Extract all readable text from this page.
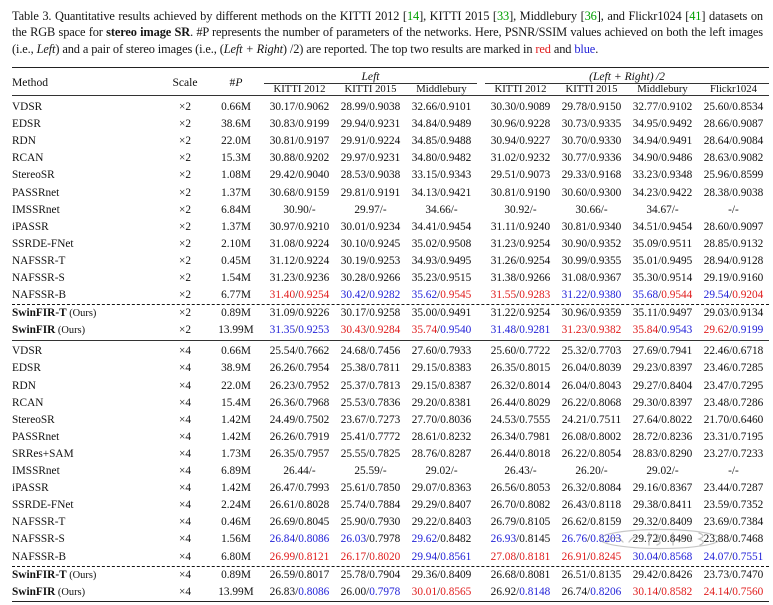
Table 3. Quantitative results achieved by different methods on the KITTI 2012 [14], KITTI 2015 [33], Middlebury [36], and Flickr1024 [41] datasets on the RGB space for stereo image SR. #P represents the number of parameters of the networks. Here, PSNR/SSIM values achieved on both the left images (i.e., Left) and a pair of stereo images (i.e., (Left + Right) /2) are reported. The top two results are marked in red and blue.

Method	Scale	#P	Left				(Left + Right) /2			

			KITTI 2012	KITTI 2015	Middlebury		KITTI 2012	KITTI 2015	Middlebury	Flickr1024

VDSR	×2	0.66M	30.17/0.9062	28.99/0.9038	32.66/0.9101		30.30/0.9089	29.78/0.9150	32.77/0.9102	25.60/0.8534
EDSR	×2	38.6M	30.83/0.9199	29.94/0.9231	34.84/0.9489		30.96/0.9228	30.73/0.9335	34.95/0.9492	28.66/0.9087
RDN	×2	22.0M	30.81/0.9197	29.91/0.9224	34.85/0.9488		30.94/0.9227	30.70/0.9330	34.94/0.9491	28.64/0.9084
RCAN	×2	15.3M	30.88/0.9202	29.97/0.9231	34.80/0.9482		31.02/0.9232	30.77/0.9336	34.90/0.9486	28.63/0.9082
StereoSR	×2	1.08M	29.42/0.9040	28.53/0.9038	33.15/0.9343		29.51/0.9073	29.33/0.9168	33.23/0.9348	25.96/0.8599
PASSRnet	×2	1.37M	30.68/0.9159	29.81/0.9191	34.13/0.9421		30.81/0.9190	30.60/0.9300	34.23/0.9422	28.38/0.9038
IMSSRnet	×2	6.84M	30.90/-	29.97/-	34.66/-		30.92/-	30.66/-	34.67/-	-/-
iPASSR	×2	1.37M	30.97/0.9210	30.01/0.9234	34.41/0.9454		31.11/0.9240	30.81/0.9340	34.51/0.9454	28.60/0.9097
SSRDE-FNet	×2	2.10M	31.08/0.9224	30.10/0.9245	35.02/0.9508		31.23/0.9254	30.90/0.9352	35.09/0.9511	28.85/0.9132
NAFSSR-T	×2	0.45M	31.12/0.9224	30.19/0.9253	34.93/0.9495		31.26/0.9254	30.99/0.9355	35.01/0.9495	28.94/0.9128
NAFSSR-S	×2	1.54M	31.23/0.9236	30.28/0.9266	35.23/0.9515		31.38/0.9266	31.08/0.9367	35.30/0.9514	29.19/0.9160
NAFSSR-B	×2	6.77M	31.40/0.9254	30.42/0.9282	35.62/0.9545		31.55/0.9283	31.22/0.9380	35.68/0.9544	29.54/0.9204

SwinFIR-T (Ours)	×2	0.89M	31.09/0.9226	30.17/0.9258	35.00/0.9491		31.22/0.9254	30.96/0.9359	35.11/0.9497	29.03/0.9134
SwinFIR (Ours)	×2	13.99M	31.35/0.9253	30.43/0.9284	35.74/0.9540		31.48/0.9281	31.23/0.9382	35.84/0.9543	29.62/0.9199

VDSR	×4	0.66M	25.54/0.7662	24.68/0.7456	27.60/0.7933		25.60/0.7722	25.32/0.7703	27.69/0.7941	22.46/0.6718
EDSR	×4	38.9M	26.26/0.7954	25.38/0.7811	29.15/0.8383		26.35/0.8015	26.04/0.8039	29.23/0.8397	23.46/0.7285
RDN	×4	22.0M	26.23/0.7952	25.37/0.7813	29.15/0.8387		26.32/0.8014	26.04/0.8043	29.27/0.8404	23.47/0.7295
RCAN	×4	15.4M	26.36/0.7968	25.53/0.7836	29.20/0.8381		26.44/0.8029	26.22/0.8068	29.30/0.8397	23.48/0.7286
StereoSR	×4	1.42M	24.49/0.7502	23.67/0.7273	27.70/0.8036		24.53/0.7555	24.21/0.7511	27.64/0.8022	21.70/0.6460
PASSRnet	×4	1.42M	26.26/0.7919	25.41/0.7772	28.61/0.8232		26.34/0.7981	26.08/0.8002	28.72/0.8236	23.31/0.7195
SRRes+SAM	×4	1.73M	26.35/0.7957	25.55/0.7825	28.76/0.8287		26.44/0.8018	26.22/0.8054	28.83/0.8290	23.27/0.7233
IMSSRnet	×4	6.89M	26.44/-	25.59/-	29.02/-		26.43/-	26.20/-	29.02/-	-/-
iPASSR	×4	1.42M	26.47/0.7993	25.61/0.7850	29.07/0.8363		26.56/0.8053	26.32/0.8084	29.16/0.8367	23.44/0.7287
SSRDE-FNet	×4	2.24M	26.61/0.8028	25.74/0.7884	29.29/0.8407		26.70/0.8082	26.43/0.8118	29.38/0.8411	23.59/0.7352
NAFSSR-T	×4	0.46M	26.69/0.8045	25.90/0.7930	29.22/0.8403		26.79/0.8105	26.62/0.8159	29.32/0.8409	23.69/0.7384
NAFSSR-S	×4	1.56M	26.84/0.8086	26.03/0.7978	29.62/0.8482		26.93/0.8145	26.76/0.8203	29.72/0.8490	23.88/0.7468
NAFSSR-B	×4	6.80M	26.99/0.8121	26.17/0.8020	29.94/0.8561		27.08/0.8181	26.91/0.8245	30.04/0.8568	24.07/0.7551

SwinFIR-T (Ours)	×4	0.89M	26.59/0.8017	25.78/0.7904	29.36/0.8409		26.68/0.8081	26.51/0.8135	29.42/0.8426	23.73/0.7470
SwinFIR (Ours)	×4	13.99M	26.83/0.8086	26.00/0.7978	30.01/0.8565		26.92/0.8148	26.74/0.8206	30.14/0.8582	24.14/0.7560
